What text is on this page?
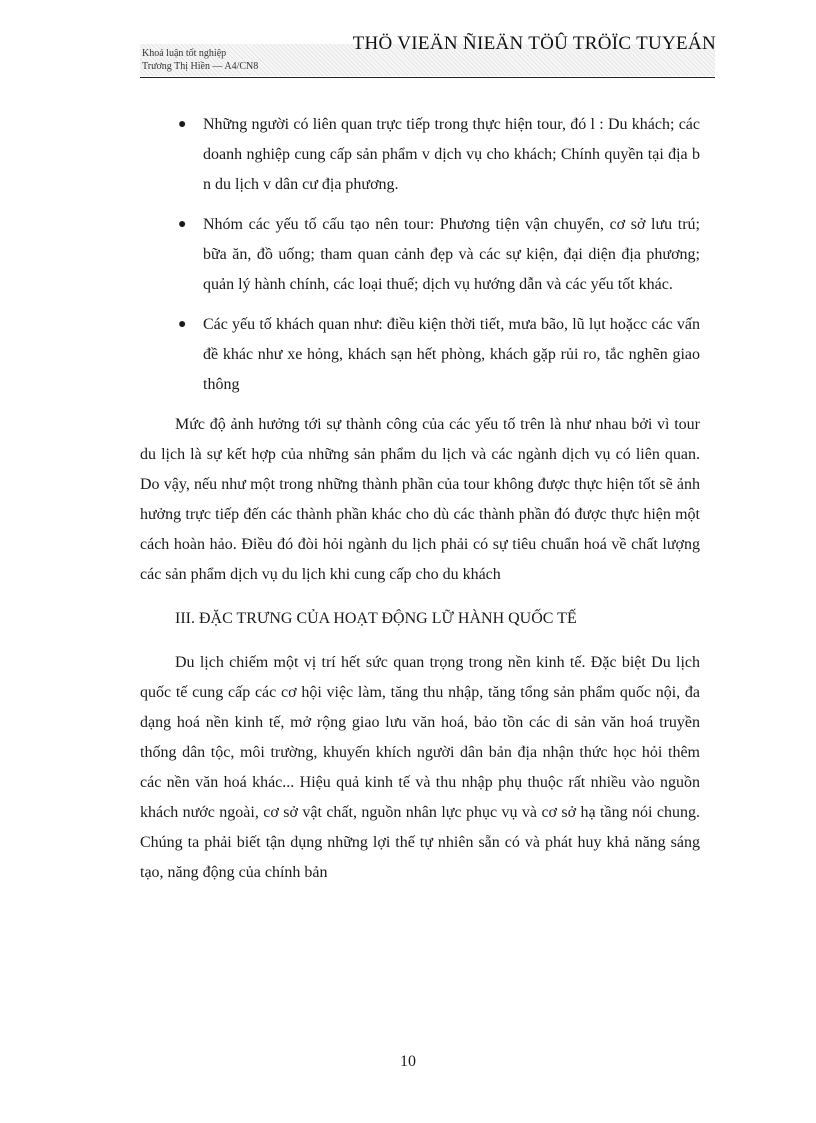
Khoá luận tốt nghiệp
Trương Thị Hiền — A4/CN8
THÖ VIEÄN ÑIEÄN TÖÛ TRÖÏC TUYEÁN
● Những người có liên quan trực tiếp trong thực hiện tour, đó l : Du khách; các doanh nghiệp cung cấp sản phẩm v dịch vụ cho khách; Chính quyền tại địa b n du lịch v dân cư địa phương.
● Nhóm các yếu tố cấu tạo nên tour: Phương tiện vận chuyển, cơ sở lưu trú; bữa ăn, đồ uống; tham quan cảnh đẹp và các sự kiện, đại diện địa phương; quản lý hành chính, các loại thuế; dịch vụ hướng dẫn và các yếu tốt khác.
● Các yếu tố khách quan như: điều kiện thời tiết, mưa bão, lũ lụt hoặcc các vấn đề khác như xe hỏng, khách sạn hết phòng, khách gặp rủi ro, tắc nghẽn giao thông

Mức độ ảnh hưởng tới sự thành công của các yếu tố trên là như nhau bởi vì tour du lịch là sự kết hợp của những sản phẩm du lịch và các ngành dịch vụ có liên quan. Do vậy, nếu như một trong những thành phần của tour không được thực hiện tốt sẽ ảnh hưởng trực tiếp đến các thành phần khác cho dù các thành phần đó được thực hiện một cách hoàn hảo. Điều đó đòi hỏi ngành du lịch phải có sự tiêu chuẩn hoá về chất lượng các sản phẩm dịch vụ du lịch khi cung cấp cho du khách

III. ĐẶC TRƯNG CỦA HOẠT ĐỘNG LỮ HÀNH QUỐC TẾ

Du lịch chiếm một vị trí hết sức quan trọng trong nền kinh tế. Đặc biệt Du lịch quốc tế cung cấp các cơ hội việc làm, tăng thu nhập, tăng tổng sản phẩm quốc nội, đa dạng hoá nền kinh tế, mở rộng giao lưu văn hoá, bảo tồn các di sản văn hoá truyền thống dân tộc, môi trường, khuyến khích người dân bản địa nhận thức học hỏi thêm các nền văn hoá khác... Hiệu quả kinh tế và thu nhập phụ thuộc rất nhiều vào nguồn khách nước ngoài, cơ sở vật chất, nguồn nhân lực phục vụ và cơ sở hạ tầng nói chung. Chúng ta phải biết tận dụng những lợi thế tự nhiên sẵn có và phát huy khả năng sáng tạo, năng động của chính bản

10
